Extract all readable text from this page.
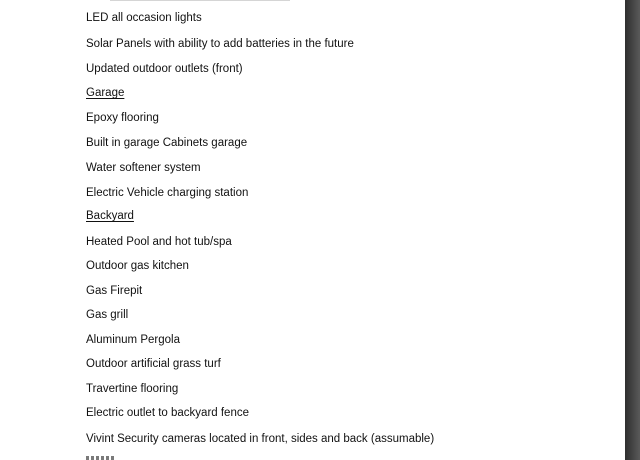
LED all occasion lights
Solar Panels with ability to add batteries in the future
Updated outdoor outlets (front)
Garage
Epoxy flooring
Built in garage Cabinets garage
Water softener system
Electric Vehicle charging station
Backyard
Heated Pool and hot tub/spa
Outdoor gas kitchen
Gas Firepit
Gas grill
Aluminum Pergola
Outdoor artificial grass turf
Travertine flooring
Electric outlet to backyard fence
Vivint Security cameras located in front, sides and back (assumable)
